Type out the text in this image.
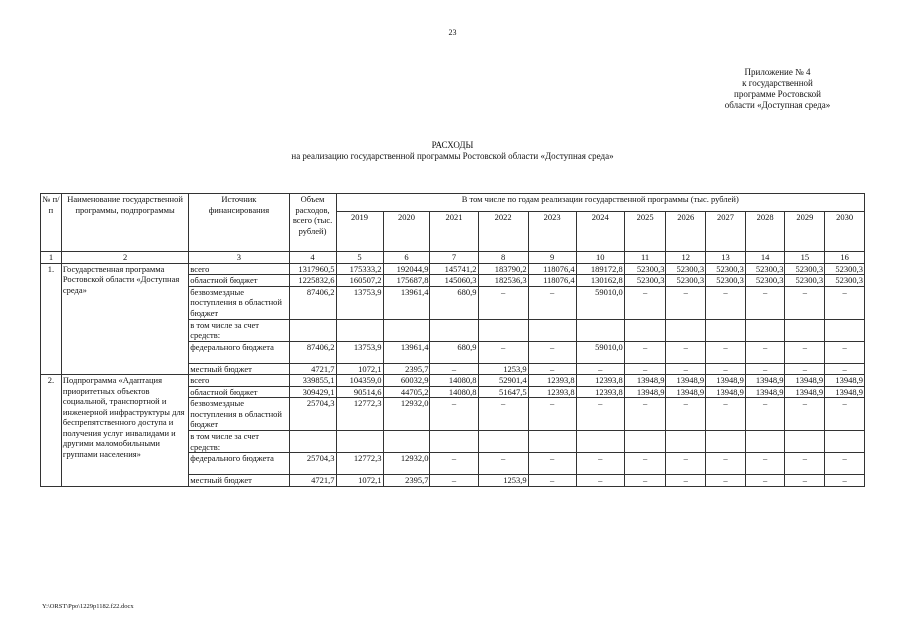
23
Приложение № 4
к государственной
программе Ростовской
области «Доступная среда»
РАСХОДЫ
на реализацию государственной программы Ростовской области «Доступная среда»
№ п/п	Наименование государственной программы, подпрограммы	Источник финансирования	Объем расходов, всего (тыс. рублей)	В том числе по годам реализации государственной программы (тыс. рублей)											
				2019	2020	2021	2022	2023	2024	2025	2026	2027	2028	2029	2030
1	2	3	4	5	6	7	8	9	10	11	12	13	14	15	16
1.	Государственная программа Ростовской области «Доступная среда»	всего	1317960,5	175333,2	192044,9	145741,2	183790,2	118076,4	189172,8	52300,3	52300,3	52300,3	52300,3	52300,3	52300,3
		областной бюджет	1225832,6	160507,2	175687,8	145060,3	182536,3	118076,4	130162,8	52300,3	52300,3	52300,3	52300,3	52300,3	52300,3
		безвозмездные поступления в областной бюджет	87406,2	13753,9	13961,4	680,9	–	–	59010,0	–	–	–	–	–	–
		в том числе за счет средств:													
		федерального бюджета	87406,2	13753,9	13961,4	680,9	–	–	59010,0	–	–	–	–	–	–
		местный бюджет	4721,7	1072,1	2395,7	–	1253,9	–	–	–	–	–	–	–	–
2.	Подпрограмма «Адаптация приоритетных объектов социальной, транспортной и инженерной инфраструктуры для беспрепятственного доступа и получения услуг инвалидами и другими маломобильными группами населения»	всего	339855,1	104359,0	60032,9	14080,8	52901,4	12393,8	12393,8	13948,9	13948,9	13948,9	13948,9	13948,9	13948,9
		областной бюджет	309429,1	90514,6	44705,2	14080,8	51647,5	12393,8	12393,8	13948,9	13948,9	13948,9	13948,9	13948,9	13948,9
		безвозмездные поступления в областной бюджет	25704,3	12772,3	12932,0	–	–	–	–	–	–	–	–	–	–
		в том числе за счет средств:													
		федерального бюджета	25704,3	12772,3	12932,0	–	–	–	–	–	–	–	–	–	–
		местный бюджет	4721,7	1072,1	2395,7	–	1253,9	–	–	–	–	–	–	–	–
Y:\ORST\Ppo\1229p1182.f22.docx
